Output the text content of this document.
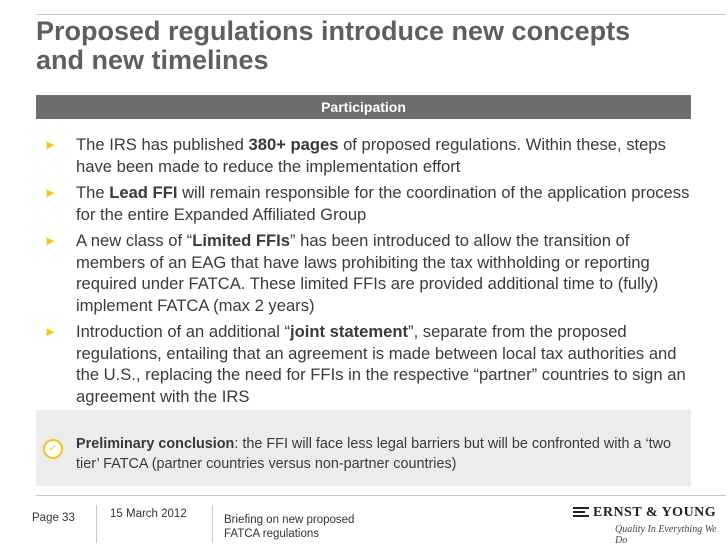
Proposed regulations introduce new concepts and new timelines
Participation
► The IRS has published 380+ pages of proposed regulations. Within these, steps have been made to reduce the implementation effort
► The Lead FFI will remain responsible for the coordination of the application process for the entire Expanded Affiliated Group
► A new class of “Limited FFIs” has been introduced to allow the transition of members of an EAG that have laws prohibiting the tax withholding or reporting required under FATCA. These limited FFIs are provided additional time to (fully) implement FATCA (max 2 years)
► Introduction of an additional “joint statement”, separate from the proposed regulations, entailing that an agreement is made between local tax authorities and the U.S., replacing the need for FFIs in the respective “partner” countries to sign an agreement with the IRS
✓	Preliminary conclusion: the FFI will face less legal barriers but will be confronted with a ‘two tier’ FATCA (partner countries versus non-partner countries)
Page 33	15 March 2012	Briefing on new proposed FATCA regulations
ERNST & YOUNG
Quality In Everything We Do
